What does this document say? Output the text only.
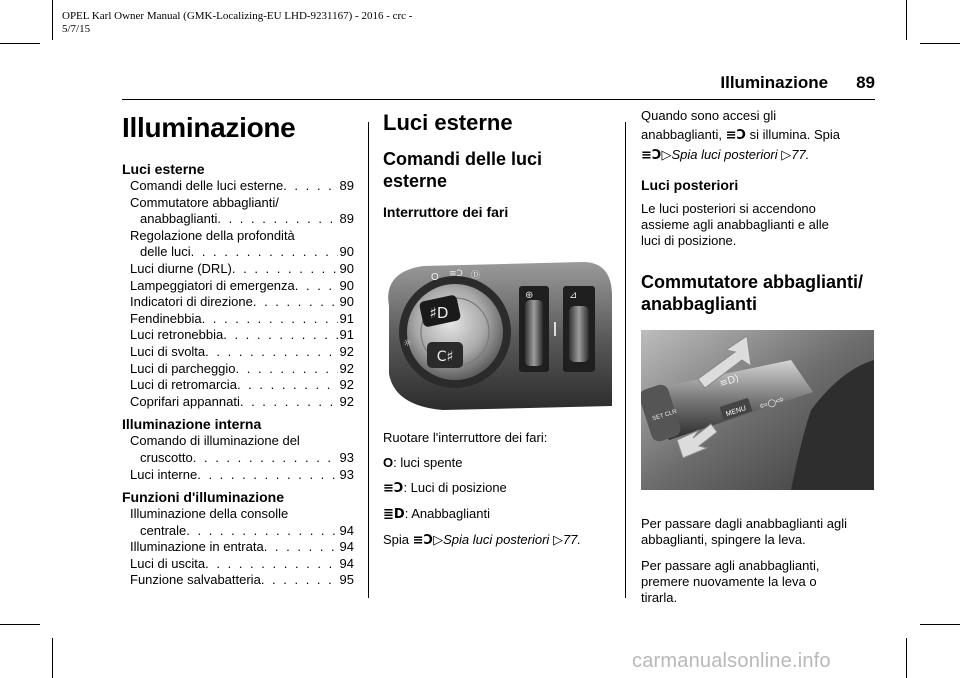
OPEL Karl Owner Manual (GMK-Localizing-EU LHD-9231167) - 2016 - crc -
5/7/15
Illuminazione 89
Illuminazione
Luci esterne
Comandi delle luci esterne . . .	89
Commutatore abbaglianti/
anabbaglianti . . .	89
Regolazione della profondità
delle luci . . .	90
Luci diurne (DRL) . . .	90
Lampeggiatori di emergenza . . .	90
Indicatori di direzione . . .	90
Fendinebbia . . .	91
Luci retronebbia . . .	91
Luci di svolta . . .	92
Luci di parcheggio . . .	92
Luci di retromarcia . . .	92
Coprifari appannati . . .	92
Illuminazione interna
Comando di illuminazione del
cruscotto . . .	93
Luci interne . . .	93
Funzioni d'illuminazione
Illuminazione della consolle
centrale . . .	94
Illuminazione in entrata . . .	94
Luci di uscita . . .	94
Funzione salvabatteria . . .	95
Luci esterne
Comandi delle luci
esterne
Interruttore dei fari
♯D
C♯
☼
O ≡Ↄ Ⓓ
⊕	⊿

Ruotare l'interruttore dei fari:

O: luci spente

≡Ↄ: Luci di posizione

≣D: Anabbaglianti

Spia ≡Ↄ▷Spia luci posteriori ▷77.

Quando sono accesi gli
anabbaglianti, ≡Ↄ si illumina. Spia
≡Ↄ▷Spia luci posteriori ▷77.

Luci posteriori

Le luci posteriori si accendono
assieme agli anabbaglianti e alle
luci di posizione.

Commutatore abbaglianti/
anabbaglianti
SET CLR	MENU ⇦○⇨
≡D⟩

Per passare dagli anabbaglianti agli
abbaglianti, spingere la leva.

Per passare agli anabbaglianti,
premere nuovamente la leva o
tirarla.

carmanualsonline.info
